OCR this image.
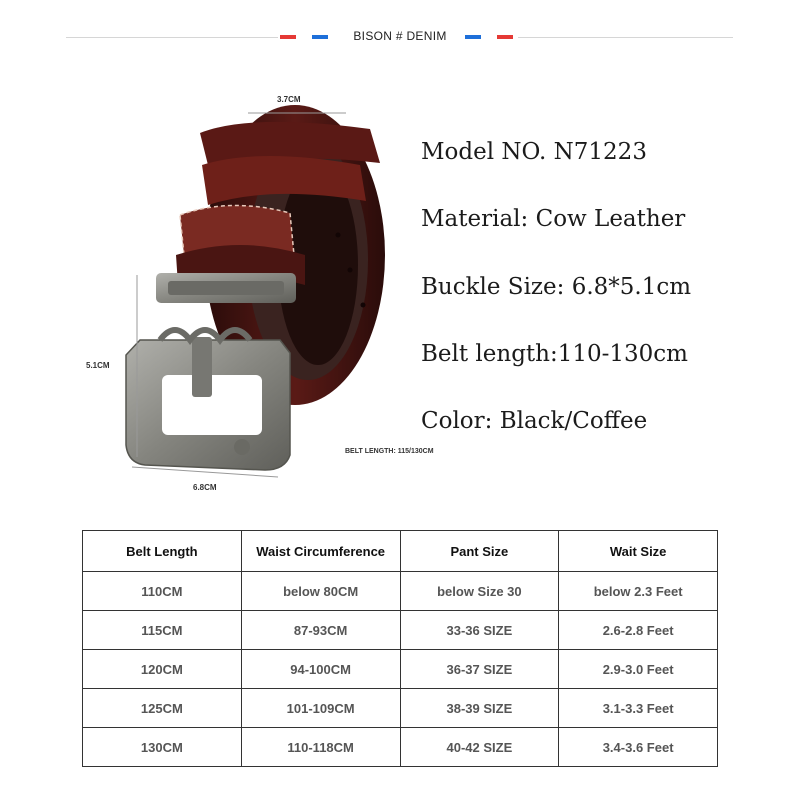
BISON # DENIM
3.7CM
5.1CM
6.8CM
BELT LENGTH: 115/130CM
Model NO. N71223
Material: Cow Leather
Buckle Size: 6.8*5.1cm
Belt length:110-130cm
Color: Black/Coffee
Belt Length	Waist Circumference	Pant Size	Wait Size
110CM	below 80CM	below Size 30	below 2.3 Feet
115CM	87-93CM	33-36 SIZE	2.6-2.8 Feet
120CM	94-100CM	36-37 SIZE	2.9-3.0 Feet
125CM	101-109CM	38-39 SIZE	3.1-3.3 Feet
130CM	110-118CM	40-42 SIZE	3.4-3.6 Feet
